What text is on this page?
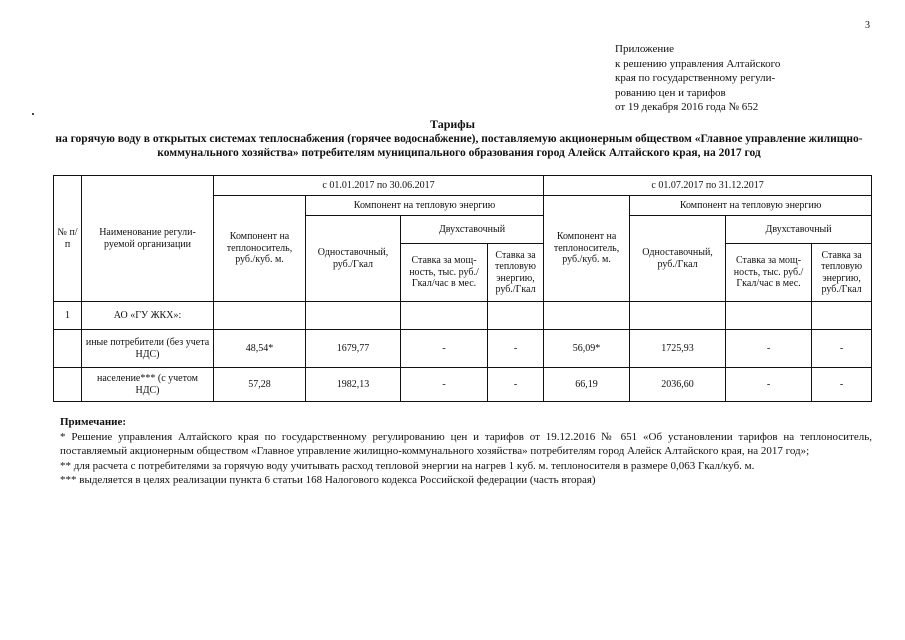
3
Приложение
к решению управления Алтайского
края по государственному регули-
рованию цен и тарифов
от 19 декабря 2016 года № 652
Тарифы
на горячую воду в открытых системах теплоснабжения (горячее водоснабжение), поставляемую акционерным обществом «Главное управление жилищно-коммунального хозяйства» потребителям муниципального образования город Алейск Алтайского края, на 2017 год
№ п/п	Наименование регули-руемой организации	с 01.01.2017 по 30.06.2017				с 01.07.2017 по 31.12.2017			
		Компонент на теплоноситель, руб./куб. м.	Компонент на тепловую энергию			Компонент на теплоноситель, руб./куб. м.	Компонент на тепловую энергию		
			Одноставочный, руб./Гкал	Двухставочный			Одноставочный, руб./Гкал	Двухставочный	
				Ставка за мощ-ность, тыс. руб./Гкал/час в мес.	Ставка за тепловую энергию, руб./Гкал			Ставка за мощ-ность, тыс. руб./Гкал/час в мес.	Ставка за тепловую энергию, руб./Гкал
1	АО «ГУ ЖКХ»:								
	иные потребители (без учета НДС)	48,54*	1679,77	-	-	56,09*	1725,93	-	-
	население*** (с учетом НДС)	57,28	1982,13	-	-	66,19	2036,60	-	-
Примечание:

* Решение управления Алтайского края по государственному регулированию цен и тарифов от 19.12.2016 № 651 «Об установлении тарифов на теплоноситель, поставляемый акционерным обществом «Главное управление жилищно-коммунального хозяйства» потребителям город Алейск Алтайского края, на 2017 год»;

** для расчета с потребителями за горячую воду учитывать расход тепловой энергии на нагрев 1 куб. м. теплоносителя в размере 0,063 Гкал/куб. м.

*** выделяется в целях реализации пункта 6 статьи 168 Налогового кодекса Российской федерации (часть вторая)
